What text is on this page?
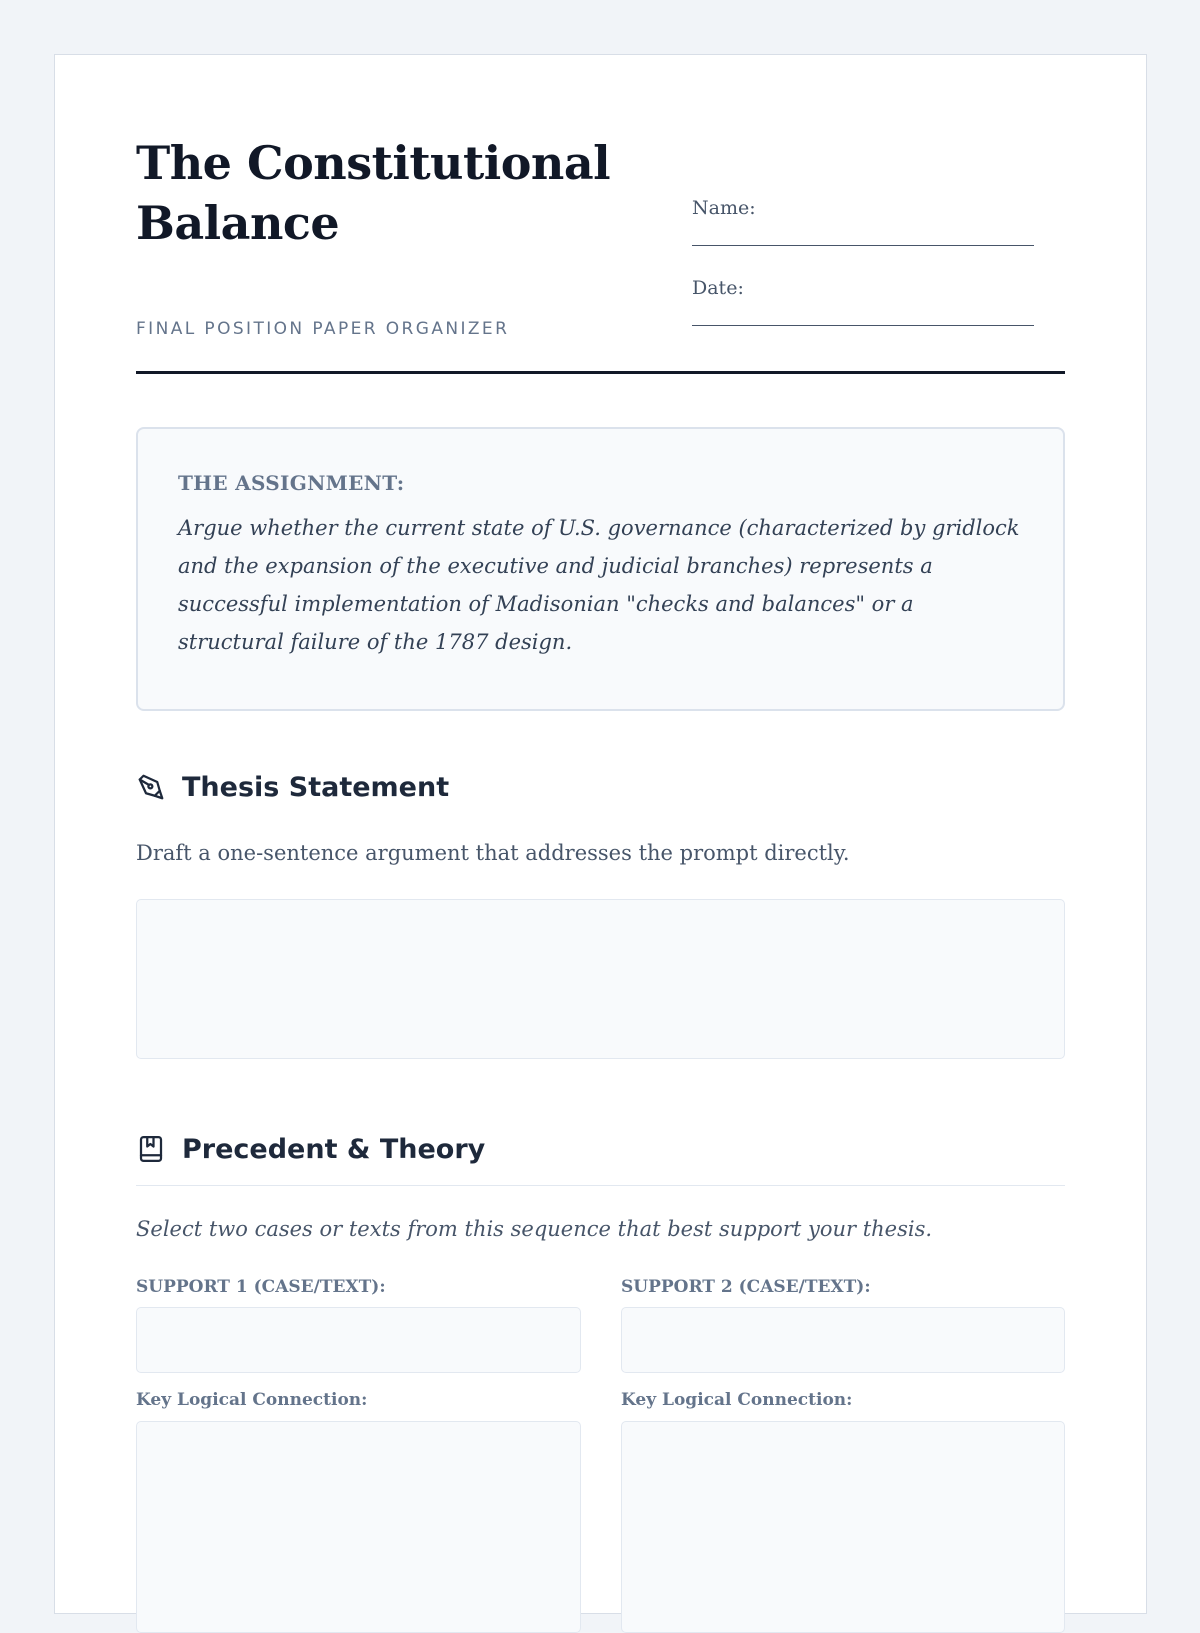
The Constitutional Balance
FINAL POSITION PAPER ORGANIZER
Name:
Date:
THE ASSIGNMENT:

Argue whether the current state of U.S. governance (characterized by gridlock and the expansion of the executive and judicial branches) represents a successful implementation of Madisonian "checks and balances" or a structural failure of the 1787 design.

Thesis Statement
Draft a one-sentence argument that addresses the prompt directly.
Precedent & Theory
Select two cases or texts from this sequence that best support your thesis.
SUPPORT 1 (CASE/TEXT):	SUPPORT 2 (CASE/TEXT):
Key Logical Connection:	Key Logical Connection:
